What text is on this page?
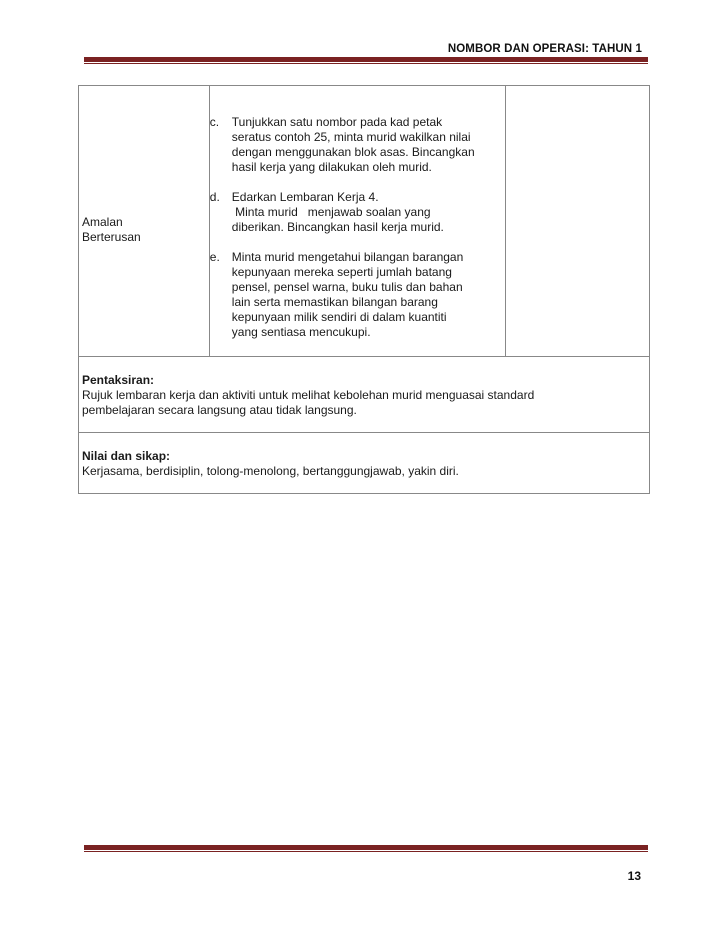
NOMBOR DAN OPERASI: TAHUN 1
Amalan
Berterusan

c.	Tunjukkan satu nombor pada kad petak
seratus contoh 25, minta murid wakilkan nilai
dengan menggunakan blok asas. Bincangkan
hasil kerja yang dilakukan oleh murid.
d. Edarkan Lembaran Kerja 4.
Minta murid   menjawab soalan yang
diberikan. Bincangkan hasil kerja murid.
e. Minta murid mengetahui bilangan barangan
kepunyaan mereka seperti jumlah batang
pensel, pensel warna, buku tulis dan bahan
lain serta memastikan bilangan barang
kepunyaan milik sendiri di dalam kuantiti
yang sentiasa mencukupi.

Pentaksiran:
Rujuk lembaran kerja dan aktiviti untuk melihat kebolehan murid menguasai standard
pembelajaran secara langsung atau tidak langsung.

Nilai dan sikap:
Kerjasama, berdisiplin, tolong-menolong, bertanggungjawab, yakin diri.
13
